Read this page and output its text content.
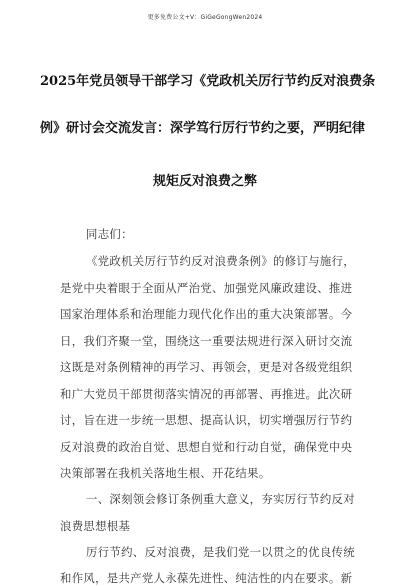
更多免费公文+V：GiGeGongWen2024
2025年党员领导干部学习《党政机关厉行节约反对浪费条
例》研讨会交流发言：深学笃行厉行节约之要，严明纪律
规矩反对浪费之弊
同志们：
《党政机关厉行节约反对浪费条例》的修订与施行，
是党中央着眼于全面从严治党、加强党风廉政建设、推进
国家治理体系和治理能力现代化作出的重大决策部署。今
日，我们齐聚一堂，围绕这一重要法规进行深入研讨交流
这既是对条例精神的再学习、再领会，更是对各级党组织
和广大党员干部贯彻落实情况的再部署、再推进。此次研
讨，旨在进一步统一思想、提高认识，切实增强厉行节约
反对浪费的政治自觉、思想自觉和行动自觉，确保党中央
决策部署在我机关落地生根、开花结果。
一、深刻领会修订条例重大意义，夯实厉行节约反对
浪费思想根基
厉行节约、反对浪费，是我们党一以贯之的优良传统
和作风，是共产党人永葆先进性、纯洁性的内在要求。新
